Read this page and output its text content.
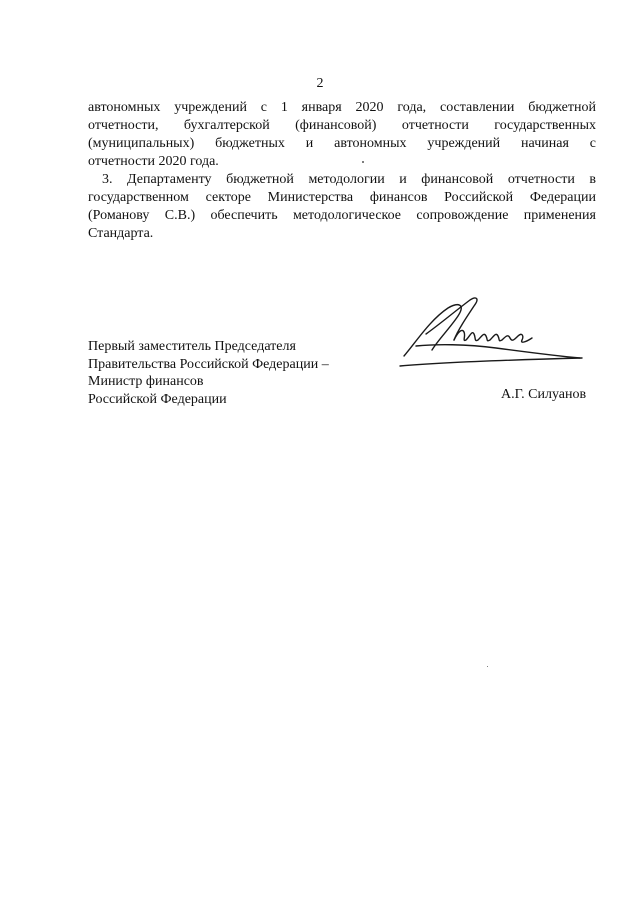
2
автономных учреждений с 1 января 2020 года, составлении бюджетной
отчетности, бухгалтерской (финансовой) отчетности государственных
(муниципальных) бюджетных и автономных учреждений начиная с
отчетности 2020 года.
3. Департаменту бюджетной методологии и финансовой отчетности в
государственном секторе Министерства финансов Российской Федерации
(Романову С.В.) обеспечить методологическое сопровождение применения
Стандарта.
Первый заместитель Председателя
Правительства Российской Федерации –
Министр финансов
Российской Федерации	А.Г. Силуанов
